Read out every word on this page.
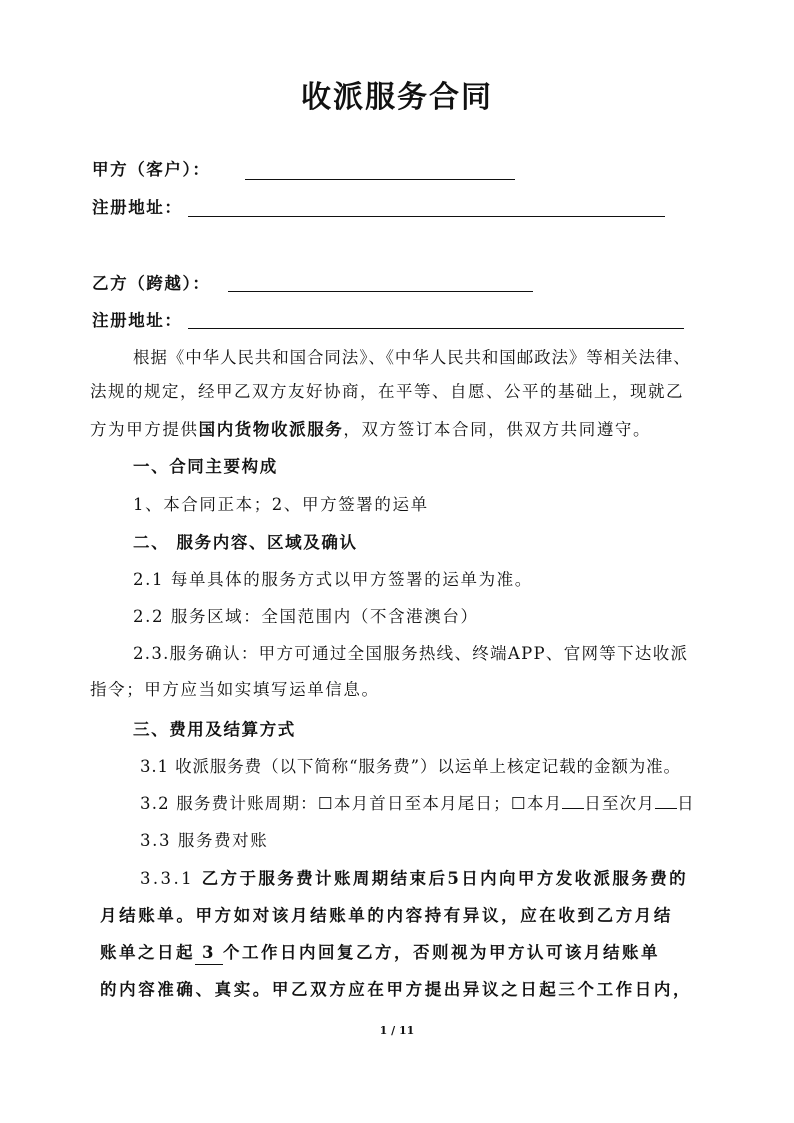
收派服务合同
甲方（客户）：
注册地址：
乙方（跨越）：
注册地址：
根据《中华人民共和国合同法》、《中华人民共和国邮政法》等相关法律、
法规的规定，经甲乙双方友好协商，在平等、自愿、公平的基础上，现就乙
方为甲方提供国内货物收派服务，双方签订本合同，供双方共同遵守。
一、合同主要构成
1、本合同正本；2、甲方签署的运单
二、 服务内容、区域及确认
2.1 每单具体的服务方式以甲方签署的运单为准。
2.2 服务区域：全国范围内（不含港澳台）
2.3.服务确认：甲方可通过全国服务热线、终端APP、官网等下达收派
指令；甲方应当如实填写运单信息。
三、费用及结算方式
3.1 收派服务费（以下简称“服务费”）以运单上核定记载的金额为准。
3.2 服务费计账周期：☐本月首日至本月尾日；☐本月 日至次月 日
3.3 服务费对账
3.3.1 乙方于服务费计账周期结束后5日内向甲方发收派服务费的
月结账单。甲方如对该月结账单的内容持有异议，应在收到乙方月结
账单之日起 3 个工作日内回复乙方，否则视为甲方认可该月结账单
的内容准确、真实。甲乙双方应在甲方提出异议之日起三个工作日内，
1 / 11
